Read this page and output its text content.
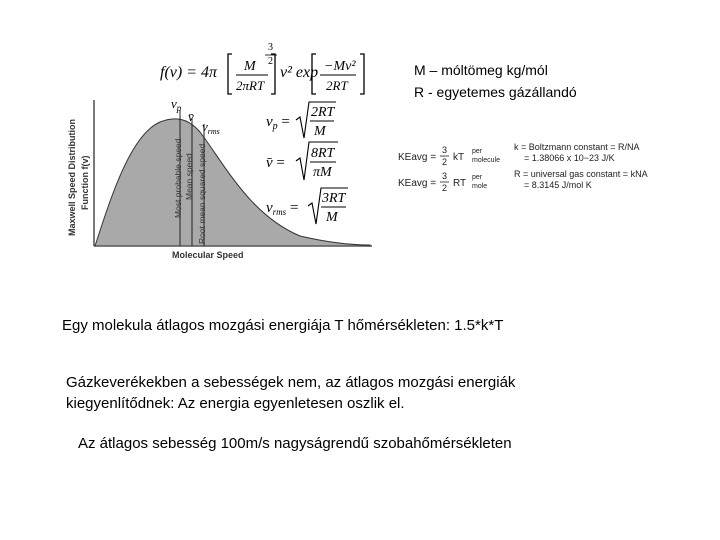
f(v) = 4π M
2πRT
3
2
v² exp −Mv²
2RT
Most probable speed Mean speed Root mean squared speed
$v_p$
v̄
$v_{rms}$
Maxwell Speed Distribution Function f(v)
Molecular Speed
$v_p$ =
2RT
M
v̄ =
8RT
πM
$v_{rms}$ =
3RT
M
KEavg =
3
2 kT
per
molecule
KEavg =
3
2 RT
per
mole
k = Boltzmann constant = R/NA
= 1.38066 x 10−23 J/K
R = universal gas constant = kNA
= 8.3145 J/mol K
M – móltömeg kg/mól
R - egyetemes gázállandó
Egy molekula átlagos mozgási energiája T hőmérsékleten: 1.5*k*T
Gázkeverékekben a sebességek nem, az átlagos mozgási energiák
kiegyenlítődnek: Az energia egyenletesen oszlik el.
Az átlagos sebesség 100m/s nagyságrendű szobahőmérsékleten
